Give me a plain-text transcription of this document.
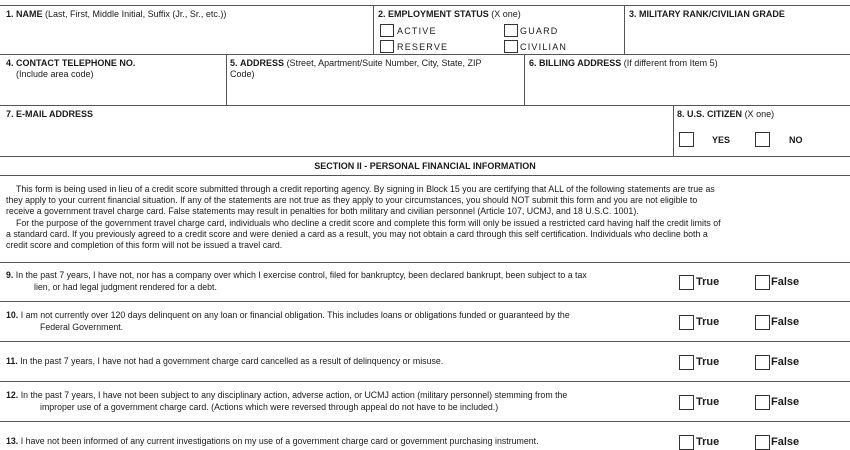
1. NAME (Last, First, Middle Initial, Suffix (Jr., Sr., etc.))	2. EMPLOYMENT STATUS (X one)
ACTIVE	GUARD
RESERVE	CIVILIAN
3. MILITARY RANK/CIVILIAN GRADE
4. CONTACT TELEPHONE NO.
(Include area code)
5. ADDRESS (Street, Apartment/Suite Number, City, State, ZIP
Code)
6. BILLING ADDRESS (If different from Item 5)
7. E-MAIL ADDRESS	8. U.S. CITIZEN (X one)
YES	NO
SECTION II - PERSONAL FINANCIAL INFORMATION
This form is being used in lieu of a credit score submitted through a credit reporting agency. By signing in Block 15 you are certifying that ALL of the following statements are true as
they apply to your current financial situation. If any of the statements are not true as they apply to your circumstances, you should NOT submit this form and you are not eligible to
receive a government travel charge card. False statements may result in penalties for both military and civilian personnel (Article 107, UCMJ, and 18 U.S.C. 1001).
For the purpose of the government travel charge card, individuals who decline a credit score and complete this form will only be issued a restricted card having half the credit limits of
a standard card. If you previously agreed to a credit score and were denied a card as a result, you may not obtain a card through this self certification. Individuals who decline both a
credit score and completion of this form will not be issued a travel card.
9. In the past 7 years, I have not, nor has a company over which I exercise control, filed for bankruptcy, been declared bankrupt, been subject to a tax
lien, or had legal judgment rendered for a debt.	True	False
10. I am not currently over 120 days delinquent on any loan or financial obligation. This includes loans or obligations funded or guaranteed by the
Federal Government.	True	False
11. In the past 7 years, I have not had a government charge card cancelled as a result of delinquency or misuse.	True	False
12. In the past 7 years, I have not been subject to any disciplinary action, adverse action, or UCMJ action (military personnel) stemming from the
improper use of a government charge card. (Actions which were reversed through appeal do not have to be included.)	True	False
13. I have not been informed of any current investigations on my use of a government charge card or government purchasing instrument.	True	False
